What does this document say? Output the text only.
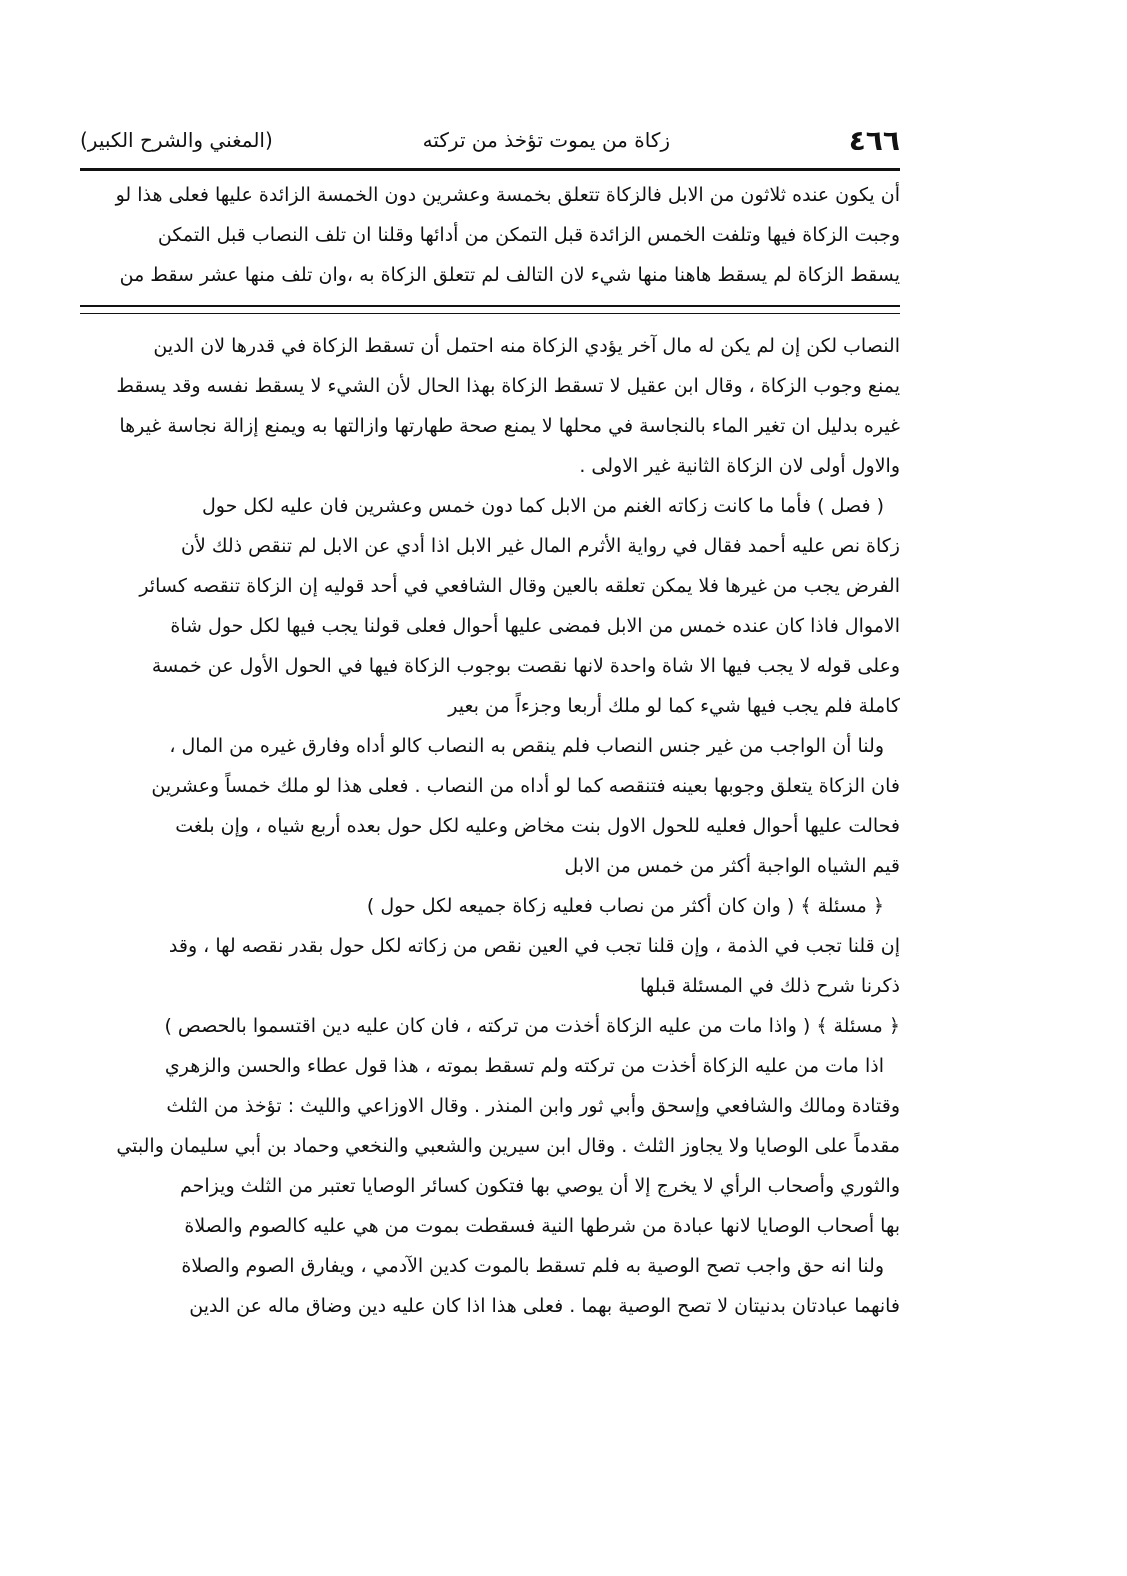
٤٦٦
زكاة من يموت تؤخذ من تركته
(المغني والشرح الكبير)
أن يكون عنده ثلاثون من الابل فالزكاة تتعلق بخمسة وعشرين دون الخمسة الزائدة عليها فعلى هذا لو
وجبت الزكاة فيها وتلفت الخمس الزائدة قبل التمكن من أدائها وقلنا ان تلف النصاب قبل التمكن
يسقط الزكاة لم يسقط هاهنا منها شيء لان التالف لم تتعلق الزكاة به ،وان تلف منها عشر سقط من
النصاب لكن إن لم يكن له مال آخر يؤدي الزكاة منه احتمل أن تسقط الزكاة في قدرها لان الدين
يمنع وجوب الزكاة ، وقال ابن عقيل لا تسقط الزكاة بهذا الحال لأن الشيء لا يسقط نفسه وقد يسقط
غيره بدليل ان تغير الماء بالنجاسة في محلها لا يمنع صحة طهارتها وازالتها به ويمنع إزالة نجاسة غيرها
والاول أولى لان الزكاة الثانية غير الاولى .
( فصل ) فأما ما كانت زكاته الغنم من الابل كما دون خمس وعشرين فان عليه لكل حول
زكاة نص عليه أحمد فقال في رواية الأثرم المال غير الابل اذا أدي عن الابل لم تنقص ذلك لأن
الفرض يجب من غيرها فلا يمكن تعلقه بالعين وقال الشافعي في أحد قوليه إن الزكاة تنقصه كسائر
الاموال فاذا كان عنده خمس من الابل فمضى عليها أحوال فعلى قولنا يجب فيها لكل حول شاة
وعلى قوله لا يجب فيها الا شاة واحدة لانها نقصت بوجوب الزكاة فيها في الحول الأول عن خمسة
كاملة فلم يجب فيها شيء كما لو ملك أربعا وجزءاً من بعير
ولنا أن الواجب من غير جنس النصاب فلم ينقص به النصاب كالو أداه وفارق غيره من المال ،
فان الزكاة يتعلق وجوبها بعينه فتنقصه كما لو أداه من النصاب . فعلى هذا لو ملك خمساً وعشرين
فحالت عليها أحوال فعليه للحول الاول بنت مخاض وعليه لكل حول بعده أربع شياه ، وإن بلغت
قيم الشياه الواجبة أكثر من خمس من الابل
﴿ مسئلة ﴾ ( وان كان أكثر من نصاب فعليه زكاة جميعه لكل حول )
إن قلنا تجب في الذمة ، وإن قلنا تجب في العين نقص من زكاته لكل حول بقدر نقصه لها ، وقد
ذكرنا شرح ذلك في المسئلة قبلها
﴿ مسئلة ﴾ ( واذا مات من عليه الزكاة أخذت من تركته ، فان كان عليه دين اقتسموا بالحصص )
اذا مات من عليه الزكاة أخذت من تركته ولم تسقط بموته ، هذا قول عطاء والحسن والزهري
وقتادة ومالك والشافعي وإسحق وأبي ثور وابن المنذر . وقال الاوزاعي والليث : تؤخذ من الثلث
مقدماً على الوصايا ولا يجاوز الثلث . وقال ابن سيرين والشعبي والنخعي وحماد بن أبي سليمان والبتي
والثوري وأصحاب الرأي لا يخرج إلا أن يوصي بها فتكون كسائر الوصايا تعتبر من الثلث ويزاحم
بها أصحاب الوصايا لانها عبادة من شرطها النية فسقطت بموت من هي عليه كالصوم والصلاة
ولنا انه حق واجب تصح الوصية به فلم تسقط بالموت كدين الآدمي ، ويفارق الصوم والصلاة
فانهما عبادتان بدنيتان لا تصح الوصية بهما . فعلى هذا اذا كان عليه دين وضاق ماله عن الدين
